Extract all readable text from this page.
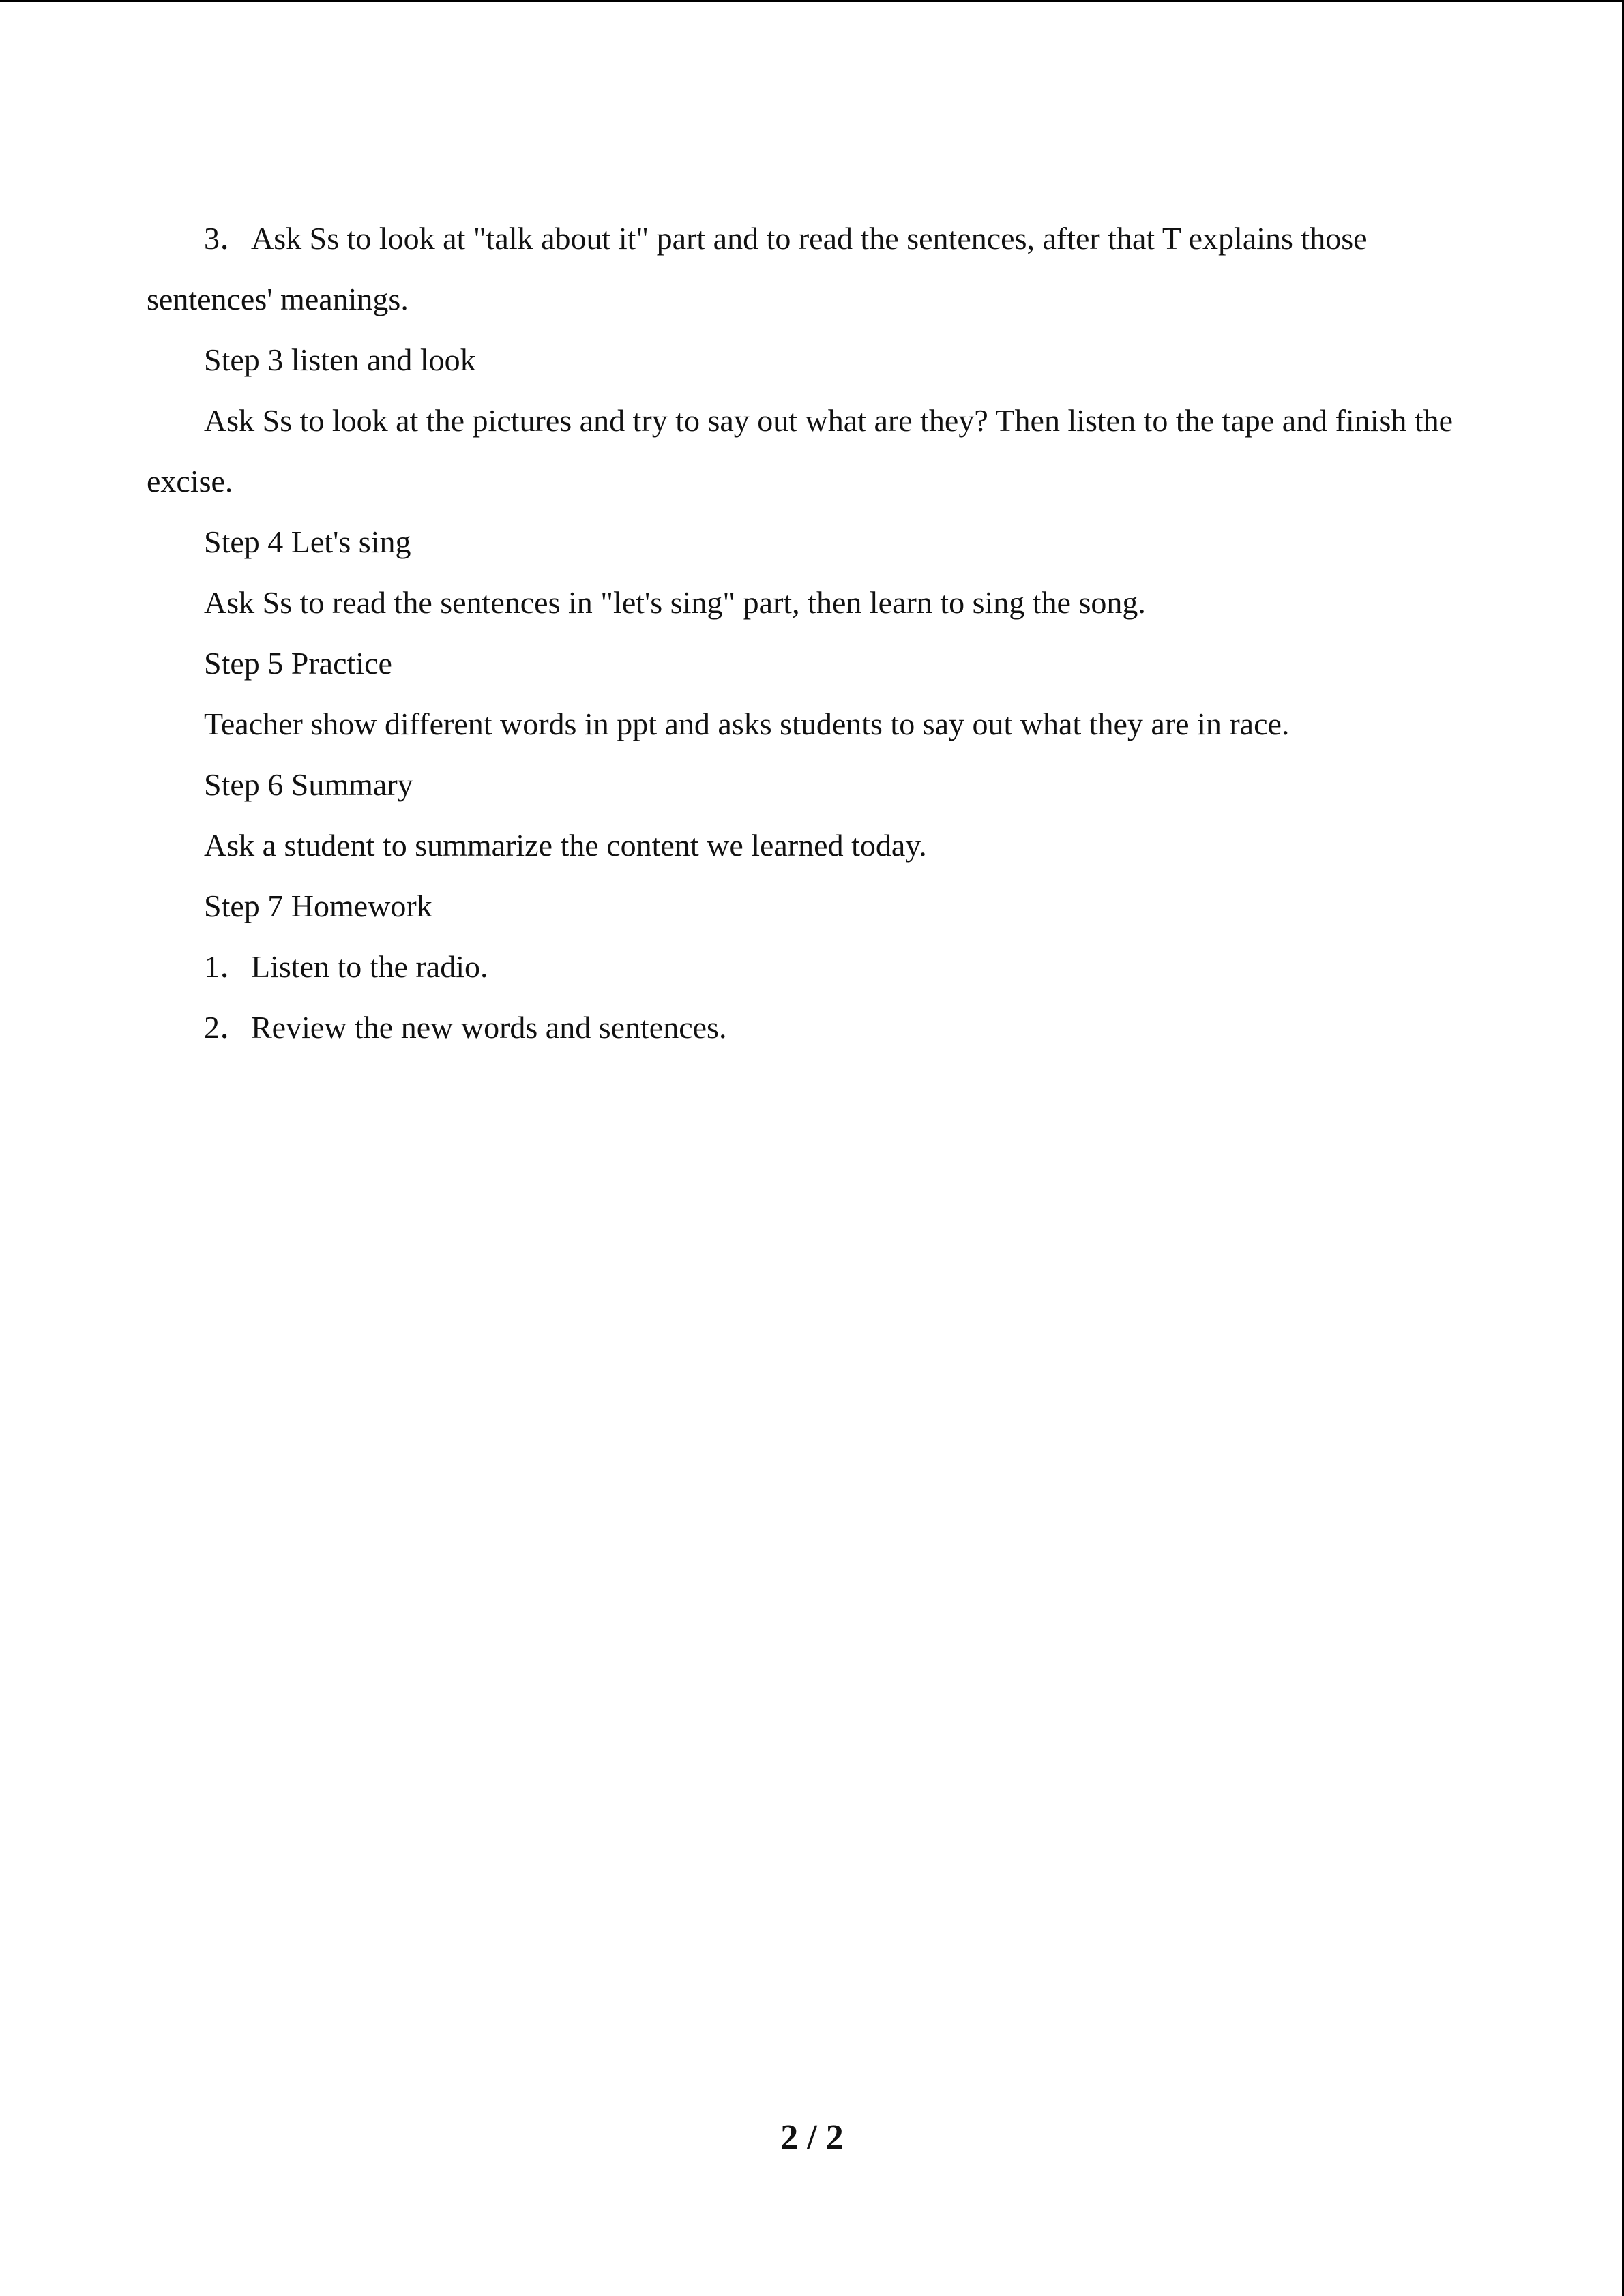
3．Ask Ss to look at "talk about it" part and to read the sentences, after that T explains those sentences' meanings.

Step 3 listen and look

Ask Ss to look at the pictures and try to say out what are they? Then listen to the tape and finish the excise.

Step 4 Let's sing

Ask Ss to read the sentences in "let's sing" part, then learn to sing the song.

Step 5 Practice

Teacher show different words in ppt and asks students to say out what they are in race.

Step 6 Summary

Ask a student to summarize the content we learned today.

Step 7 Homework

1．Listen to the radio.

2．Review the new words and sentences.

2 / 2
